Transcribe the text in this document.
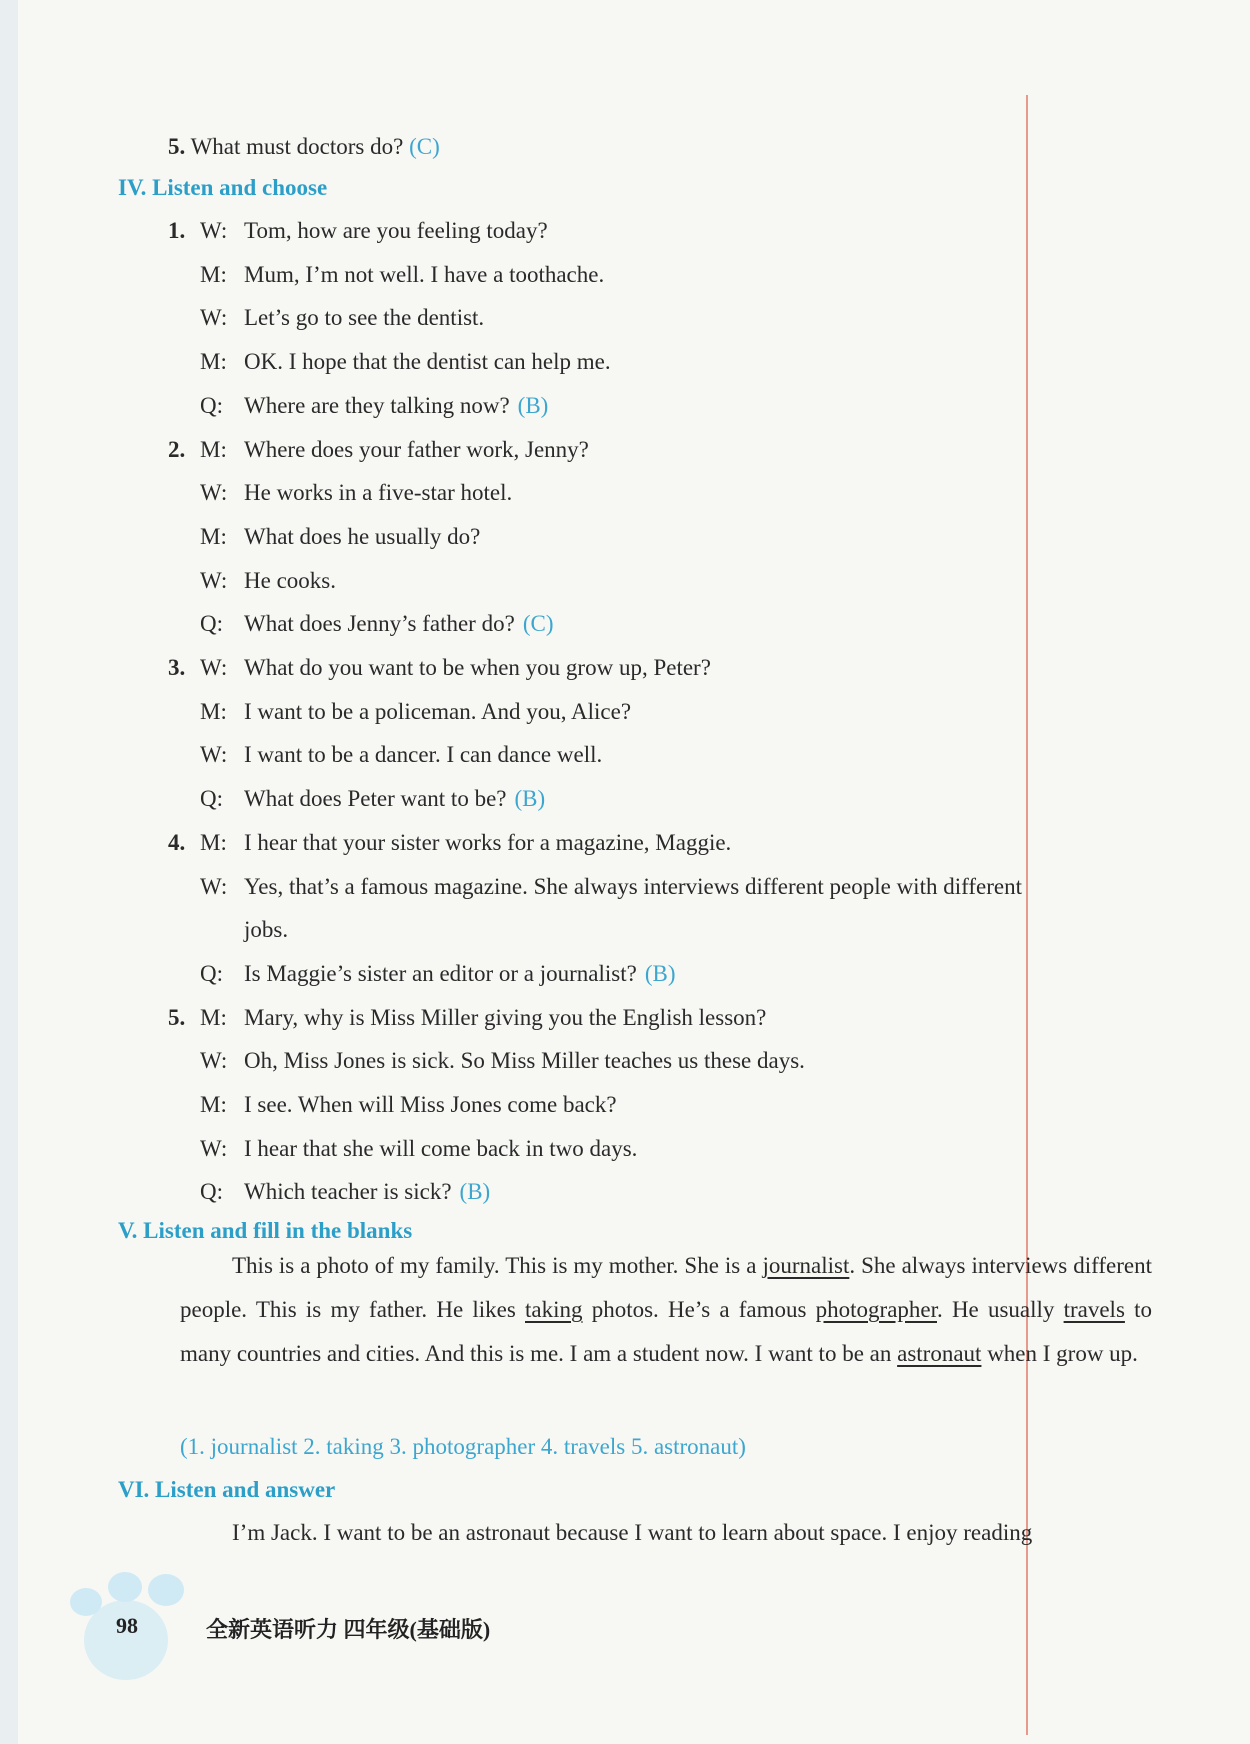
5. What must doctors do? (C)
IV. Listen and choose
1. W: Tom, how are you feeling today?
M: Mum, I’m not well. I have a toothache.
W: Let’s go to see the dentist.
M: OK. I hope that the dentist can help me.
Q: Where are they talking now? (B)
2. M: Where does your father work, Jenny?
W: He works in a five-star hotel.
M: What does he usually do?
W: He cooks.
Q: What does Jenny’s father do? (C)
3. W: What do you want to be when you grow up, Peter?
M: I want to be a policeman. And you, Alice?
W: I want to be a dancer. I can dance well.
Q: What does Peter want to be? (B)
4. M: I hear that your sister works for a magazine, Maggie.
W: Yes, that’s a famous magazine. She always interviews different people with different
jobs.
Q: Is Maggie’s sister an editor or a journalist? (B)
5. M: Mary, why is Miss Miller giving you the English lesson?
W: Oh, Miss Jones is sick. So Miss Miller teaches us these days.
M: I see. When will Miss Jones come back?
W: I hear that she will come back in two days.
Q: Which teacher is sick? (B)
V. Listen and fill in the blanks
This is a photo of my family. This is my mother. She is a journalist. She always interviews different people. This is my father. He likes taking photos. He’s a famous photographer. He usually travels to many countries and cities. And this is me. I am a student now. I want to be an astronaut when I grow up.
(1. journalist 2. taking 3. photographer 4. travels 5. astronaut)
VI. Listen and answer
I’m Jack. I want to be an astronaut because I want to learn about space. I enjoy reading
98	全新英语听力 四年级(基础版)
